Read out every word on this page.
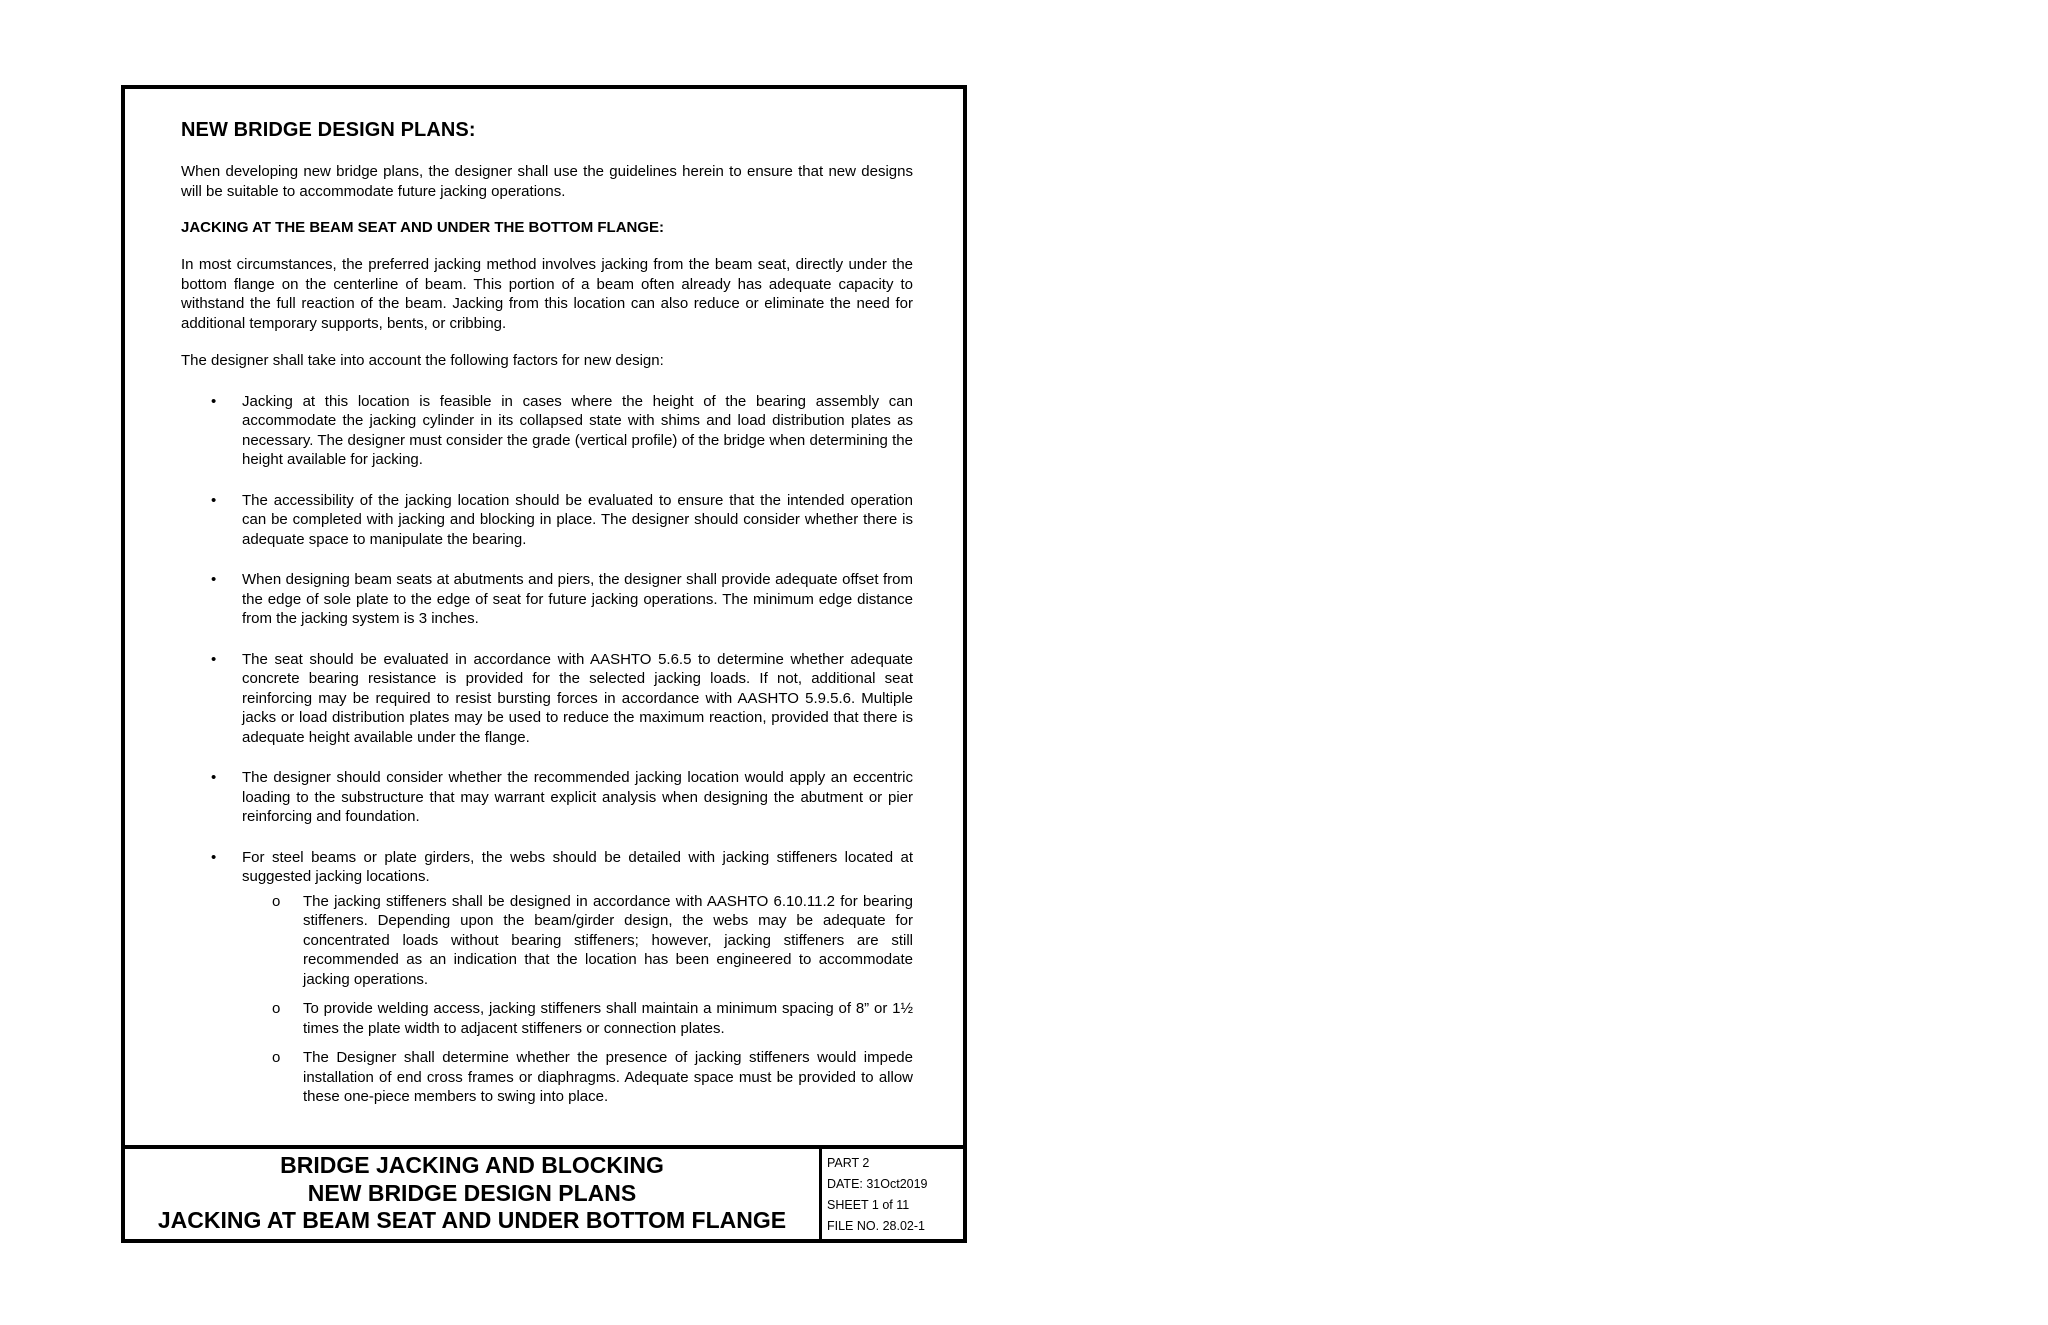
NEW BRIDGE DESIGN PLANS:

When developing new bridge plans, the designer shall use the guidelines herein to ensure that new designs will be suitable to accommodate future jacking operations.

JACKING AT THE BEAM SEAT AND UNDER THE BOTTOM FLANGE:

In most circumstances, the preferred jacking method involves jacking from the beam seat, directly under the bottom flange on the centerline of beam. This portion of a beam often already has adequate capacity to withstand the full reaction of the beam. Jacking from this location can also reduce or eliminate the need for additional temporary supports, bents, or cribbing.

The designer shall take into account the following factors for new design:

• Jacking at this location is feasible in cases where the height of the bearing assembly can accommodate the jacking cylinder in its collapsed state with shims and load distribution plates as necessary. The designer must consider the grade (vertical profile) of the bridge when determining the height available for jacking.
• The accessibility of the jacking location should be evaluated to ensure that the intended operation can be completed with jacking and blocking in place. The designer should consider whether there is adequate space to manipulate the bearing.
• When designing beam seats at abutments and piers, the designer shall provide adequate offset from the edge of sole plate to the edge of seat for future jacking operations. The minimum edge distance from the jacking system is 3 inches.
• The seat should be evaluated in accordance with AASHTO 5.6.5 to determine whether adequate concrete bearing resistance is provided for the selected jacking loads. If not, additional seat reinforcing may be required to resist bursting forces in accordance with AASHTO 5.9.5.6. Multiple jacks or load distribution plates may be used to reduce the maximum reaction, provided that there is adequate height available under the flange.
• The designer should consider whether the recommended jacking location would apply an eccentric loading to the substructure that may warrant explicit analysis when designing the abutment or pier reinforcing and foundation.
• For steel beams or plate girders, the webs should be detailed with jacking stiffeners located at suggested jacking locations.
o The jacking stiffeners shall be designed in accordance with AASHTO 6.10.11.2 for bearing stiffeners. Depending upon the beam/girder design, the webs may be adequate for concentrated loads without bearing stiffeners; however, jacking stiffeners are still recommended as an indication that the location has been engineered to accommodate jacking operations.
o To provide welding access, jacking stiffeners shall maintain a minimum spacing of 8” or 1½ times the plate width to adjacent stiffeners or connection plates.
o The Designer shall determine whether the presence of jacking stiffeners would impede installation of end cross frames or diaphragms. Adequate space must be provided to allow these one-piece members to swing into place.
BRIDGE JACKING AND BLOCKING
NEW BRIDGE DESIGN PLANS
JACKING AT BEAM SEAT AND UNDER BOTTOM FLANGE
PART 2
DATE: 31Oct2019
SHEET 1 of 11
FILE NO. 28.02-1
